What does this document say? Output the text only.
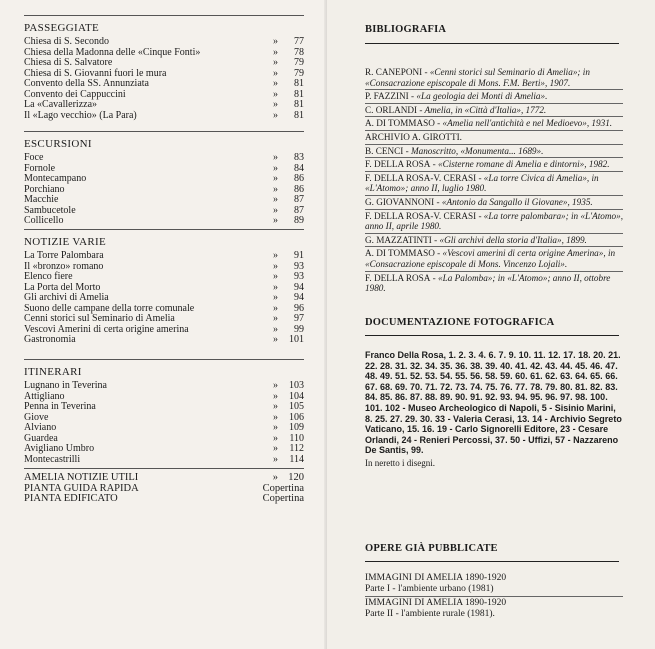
PASSEGGIATE
Chiesa di S. Secondo	» 77
Chiesa della Madonna delle «Cinque Fonti»	» 78
Chiesa di S. Salvatore	» 79
Chiesa di S. Giovanni fuori le mura	» 79
Convento della SS. Annunziata	» 81
Convento dei Cappuccini	» 81
La «Cavallerizza»	» 81
Il «Lago vecchio» (La Para)	» 81
ESCURSIONI
Foce	» 83
Fornole	» 84
Montecampano	» 86
Porchiano	» 86
Macchie	» 87
Sambucetole	» 87
Collicello	» 89
NOTIZIE VARIE
La Torre Palombara	» 91
Il «bronzo» romano	» 93
Elenco fiere	» 93
La Porta del Morto	» 94
Gli archivi di Amelia	» 94
Suono delle campane della torre comunale	» 96
Cenni storici sul Seminario di Amelia	» 97
Vescovi Amerini di certa origine amerina	» 99
Gastronomia	» 101
ITINERARI
Lugnano in Teverina	» 103
Attigliano	» 104
Penna in Teverina	» 105
Giove	» 106
Alviano	» 109
Guardea	» 110
Avigliano Umbro	» 112
Montecastrilli	» 114
AMELIA NOTIZIE UTILI	» 120
PIANTA GUIDA RAPIDA	Copertina
PIANTA EDIFICATO	Copertina
BIBLIOGRAFIA
R. CANEPONI - «Cenni storici sul Seminario di Amelia»; in «Consacrazione episcopale di Mons. F.M. Berti», 1907.
P. FAZZINI - «La geologia dei Monti di Amelia».
C. ORLANDI - Amelia, in «Città d'Italia», 1772.
A. DI TOMMASO - «Amelia nell'antichità e nel Medioevo», 1931.
ARCHIVIO A. GIROTTI.
B. CENCI - Manoscritto, «Monumenta... 1689».
F. DELLA ROSA - «Cisterne romane di Amelia e dintorni», 1982.
F. DELLA ROSA-V. CERASI - «La torre Civica di Amelia», in «L'Atomo»; anno II, luglio 1980.
G. GIOVANNONI - «Antonio da Sangallo il Giovane», 1935.
F. DELLA ROSA-V. CERASI - «La torre palombara»; in «L'Atomo», anno II, aprile 1980.
G. MAZZATINTI - «Gli archivi della storia d'Italia», 1899.
A. DI TOMMASO - «Vescovi amerini di certa origine Amerina», in «Consacrazione episcopale di Mons. Vincenzo Lojali».
F. DELLA ROSA - «La Palomba»; in «L'Atomo»; anno II, ottobre 1980.
DOCUMENTAZIONE FOTOGRAFICA
Franco Della Rosa, 1. 2. 3. 4. 6. 7. 9. 10. 11. 12. 17. 18. 20. 21. 22. 28. 31. 32. 34. 35. 36. 38. 39. 40. 41. 42. 43. 44. 45. 46. 47. 48. 49. 51. 52. 53. 54. 55. 56. 58. 59. 60. 61. 62. 63. 64. 65. 66. 67. 68. 69. 70. 71. 72. 73. 74. 75. 76. 77. 78. 79. 80. 81. 82. 83. 84. 85. 86. 87. 88. 89. 90. 91. 92. 93. 94. 95. 96. 97. 98. 100. 101. 102 - Museo Archeologico di Napoli, 5 - Sisinio Marini, 8. 25. 27. 29. 30. 33 - Valeria Cerasi, 13. 14 - Archivio Segreto Vaticano, 15. 16. 19 - Carlo Signorelli Editore, 23 - Cesare Orlandi, 24 - Renieri Percossi, 37. 50 - Uffizi, 57 - Nazzareno De Santis, 99.
In neretto i disegni.
OPERE GIÀ PUBBLICATE
IMMAGINI DI AMELIA 1890-1920
Parte I - l'ambiente urbano (1981)
IMMAGINI DI AMELIA 1890-1920
Parte II - l'ambiente rurale (1981).
